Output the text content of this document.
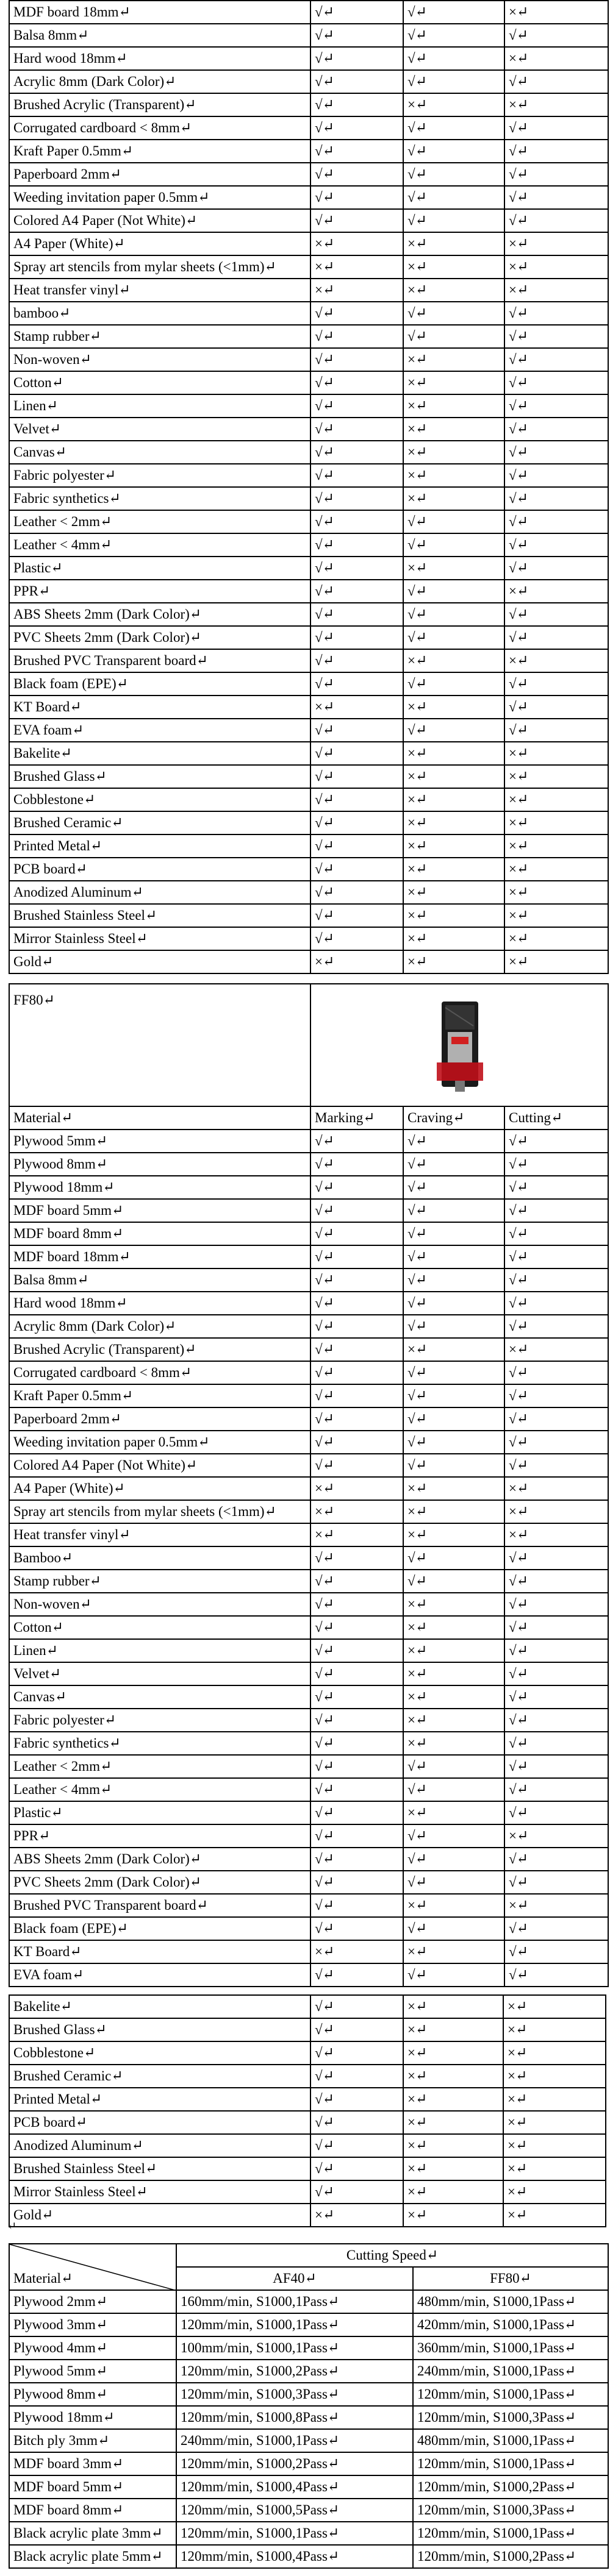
MDF board 18mm↵	√↵	√↵	×↵
Balsa 8mm↵	√↵	√↵	√↵
Hard wood 18mm↵	√↵	√↵	×↵
Acrylic 8mm (Dark Color)↵	√↵	√↵	√↵
Brushed Acrylic (Transparent)↵	√↵	×↵	×↵
Corrugated cardboard < 8mm↵	√↵	√↵	√↵
Kraft Paper 0.5mm↵	√↵	√↵	√↵
Paperboard 2mm↵	√↵	√↵	√↵
Weeding invitation paper 0.5mm↵	√↵	√↵	√↵
Colored A4 Paper (Not White)↵	√↵	√↵	√↵
A4 Paper (White)↵	×↵	×↵	×↵
Spray art stencils from mylar sheets (<1mm)↵	×↵	×↵	×↵
Heat transfer vinyl↵	×↵	×↵	×↵
bamboo↵	√↵	√↵	√↵
Stamp rubber↵	√↵	√↵	√↵
Non-woven↵	√↵	×↵	√↵
Cotton↵	√↵	×↵	√↵
Linen↵	√↵	×↵	√↵
Velvet↵	√↵	×↵	√↵
Canvas↵	√↵	×↵	√↵
Fabric polyester↵	√↵	×↵	√↵
Fabric synthetics↵	√↵	×↵	√↵
Leather < 2mm↵	√↵	√↵	√↵
Leather < 4mm↵	√↵	√↵	√↵
Plastic↵	√↵	×↵	√↵
PPR↵	√↵	√↵	×↵
ABS Sheets 2mm (Dark Color)↵	√↵	√↵	√↵
PVC Sheets 2mm (Dark Color)↵	√↵	√↵	√↵
Brushed PVC Transparent board↵	√↵	×↵	×↵
Black foam (EPE)↵	√↵	√↵	√↵
KT Board↵	×↵	×↵	√↵
EVA foam↵	√↵	√↵	√↵
Bakelite↵	√↵	×↵	×↵
Brushed Glass↵	√↵	×↵	×↵
Cobblestone↵	√↵	×↵	×↵
Brushed Ceramic↵	√↵	×↵	×↵
Printed Metal↵	√↵	×↵	×↵
PCB board↵	√↵	×↵	×↵
Anodized Aluminum↵	√↵	×↵	×↵
Brushed Stainless Steel↵	√↵	×↵	×↵
Mirror Stainless Steel↵	√↵	×↵	×↵
Gold↵	×↵	×↵	×↵
FF80↵	
Material↵	Marking↵	Craving↵	Cutting↵
Plywood 5mm↵	√↵	√↵	√↵
Plywood 8mm↵	√↵	√↵	√↵
Plywood 18mm↵	√↵	√↵	√↵
MDF board 5mm↵	√↵	√↵	√↵
MDF board 8mm↵	√↵	√↵	√↵
MDF board 18mm↵	√↵	√↵	√↵
Balsa 8mm↵	√↵	√↵	√↵
Hard wood 18mm↵	√↵	√↵	√↵
Acrylic 8mm (Dark Color)↵	√↵	√↵	√↵
Brushed Acrylic (Transparent)↵	√↵	×↵	×↵
Corrugated cardboard < 8mm↵	√↵	√↵	√↵
Kraft Paper 0.5mm↵	√↵	√↵	√↵
Paperboard 2mm↵	√↵	√↵	√↵
Weeding invitation paper 0.5mm↵	√↵	√↵	√↵
Colored A4 Paper (Not White)↵	√↵	√↵	√↵
A4 Paper (White)↵	×↵	×↵	×↵
Spray art stencils from mylar sheets (<1mm)↵	×↵	×↵	×↵
Heat transfer vinyl↵	×↵	×↵	×↵
Bamboo↵	√↵	√↵	√↵
Stamp rubber↵	√↵	√↵	√↵
Non-woven↵	√↵	×↵	√↵
Cotton↵	√↵	×↵	√↵
Linen↵	√↵	×↵	√↵
Velvet↵	√↵	×↵	√↵
Canvas↵	√↵	×↵	√↵
Fabric polyester↵	√↵	×↵	√↵
Fabric synthetics↵	√↵	×↵	√↵
Leather < 2mm↵	√↵	√↵	√↵
Leather < 4mm↵	√↵	√↵	√↵
Plastic↵	√↵	×↵	√↵
PPR↵	√↵	√↵	×↵
ABS Sheets 2mm (Dark Color)↵	√↵	√↵	√↵
PVC Sheets 2mm (Dark Color)↵	√↵	√↵	√↵
Brushed PVC Transparent board↵	√↵	×↵	×↵
Black foam (EPE)↵	√↵	√↵	√↵
KT Board↵	×↵	×↵	√↵
EVA foam↵	√↵	√↵	√↵
Bakelite↵	√↵	×↵	×↵
Brushed Glass↵	√↵	×↵	×↵
Cobblestone↵	√↵	×↵	×↵
Brushed Ceramic↵	√↵	×↵	×↵
Printed Metal↵	√↵	×↵	×↵
PCB board↵	√↵	×↵	×↵
Anodized Aluminum↵	√↵	×↵	×↵
Brushed Stainless Steel↵	√↵	×↵	×↵
Mirror Stainless Steel↵	√↵	×↵	×↵
Gold↵	×↵	×↵	×↵
↵
Material↵	Cutting Speed↵	
	AF40↵	FF80↵
Plywood 2mm↵	160mm/min, S1000,1Pass↵	480mm/min, S1000,1Pass↵
Plywood 3mm↵	120mm/min, S1000,1Pass↵	420mm/min, S1000,1Pass↵
Plywood 4mm↵	100mm/min, S1000,1Pass↵	360mm/min, S1000,1Pass↵
Plywood 5mm↵	120mm/min, S1000,2Pass↵	240mm/min, S1000,1Pass↵
Plywood 8mm↵	120mm/min, S1000,3Pass↵	120mm/min, S1000,1Pass↵
Plywood 18mm↵	120mm/min, S1000,8Pass↵	120mm/min, S1000,3Pass↵
Bitch ply 3mm↵	240mm/min, S1000,1Pass↵	480mm/min, S1000,1Pass↵
MDF board 3mm↵	120mm/min, S1000,2Pass↵	120mm/min, S1000,1Pass↵
MDF board 5mm↵	120mm/min, S1000,4Pass↵	120mm/min, S1000,2Pass↵
MDF board 8mm↵	120mm/min, S1000,5Pass↵	120mm/min, S1000,3Pass↵
Black acrylic plate 3mm↵	120mm/min, S1000,1Pass↵	120mm/min, S1000,1Pass↵
Black acrylic plate 5mm↵	120mm/min, S1000,4Pass↵	120mm/min, S1000,2Pass↵
